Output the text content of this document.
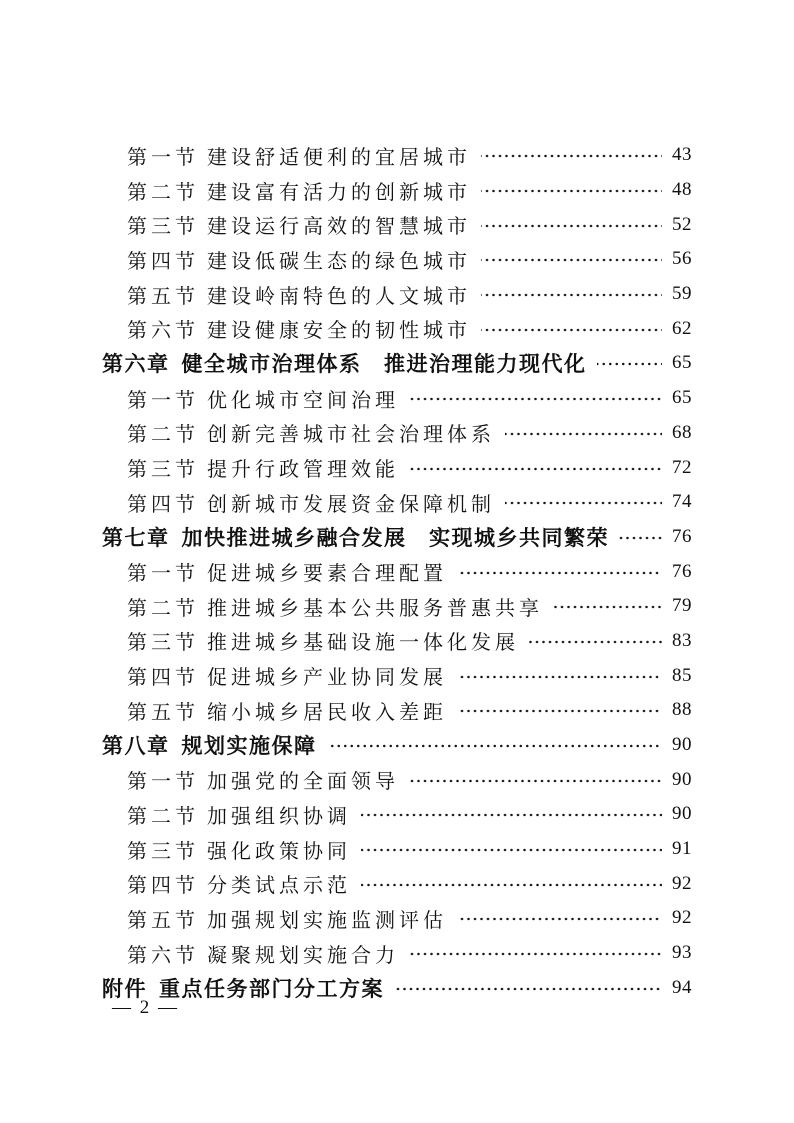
第一节 建设舒适便利的宜居城市	43
第二节 建设富有活力的创新城市	48
第三节 建设运行高效的智慧城市	52
第四节 建设低碳生态的绿色城市	56
第五节 建设岭南特色的人文城市	59
第六节 建设健康安全的韧性城市	62
第六章 健全城市治理体系　推进治理能力现代化	65
第一节 优化城市空间治理	65
第二节 创新完善城市社会治理体系	68
第三节 提升行政管理效能	72
第四节 创新城市发展资金保障机制	74
第七章 加快推进城乡融合发展　实现城乡共同繁荣	76
第一节 促进城乡要素合理配置	76
第二节 推进城乡基本公共服务普惠共享	79
第三节 推进城乡基础设施一体化发展	83
第四节 促进城乡产业协同发展	85
第五节 缩小城乡居民收入差距	88
第八章 规划实施保障	90
第一节 加强党的全面领导	90
第二节 加强组织协调	90
第三节 强化政策协同	91
第四节 分类试点示范	92
第五节 加强规划实施监测评估	92
第六节 凝聚规划实施合力	93
附件 重点任务部门分工方案	94
— 2 —
